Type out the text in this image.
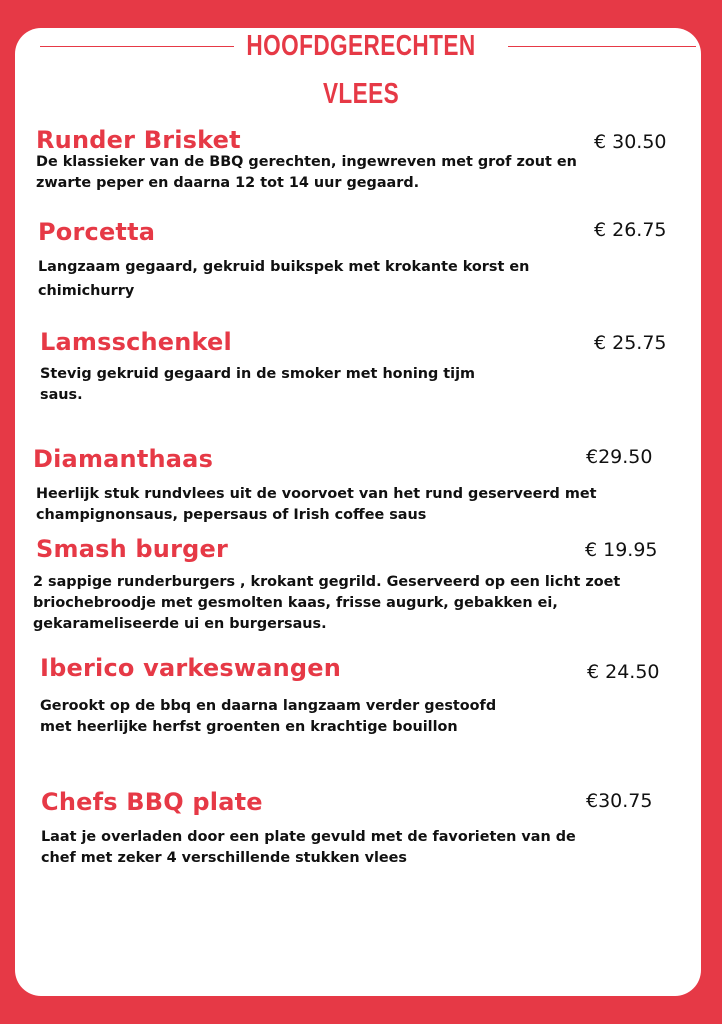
HOOFDGERECHTEN
VLEES
Runder Brisket	€ 30.50
De klassieker van de BBQ gerechten, ingewreven met grof zout en zwarte peper en daarna 12 tot 14 uur gegaard.
Porcetta	€ 26.75
Langzaam gegaard, gekruid buikspek met krokante korst en chimichurry
Lamsschenkel	€ 25.75
Stevig gekruid gegaard in de smoker met honing tijm saus.
Diamanthaas	€29.50
Heerlijk stuk rundvlees uit de voorvoet van het rund geserveerd met champignonsaus, pepersaus of Irish coffee saus
Smash burger	€ 19.95
2 sappige runderburgers , krokant gegrild. Geserveerd op een licht zoet briochebroodje met gesmolten kaas, frisse augurk, gebakken ei, gekarameliseerde ui en burgersaus.
Iberico varkeswangen	€ 24.50
Gerookt op de bbq en daarna langzaam verder gestoofd met heerlijke herfst groenten en krachtige bouillon
Chefs BBQ plate	€30.75
Laat je overladen door een plate gevuld met de favorieten van de chef met zeker 4 verschillende stukken vlees
